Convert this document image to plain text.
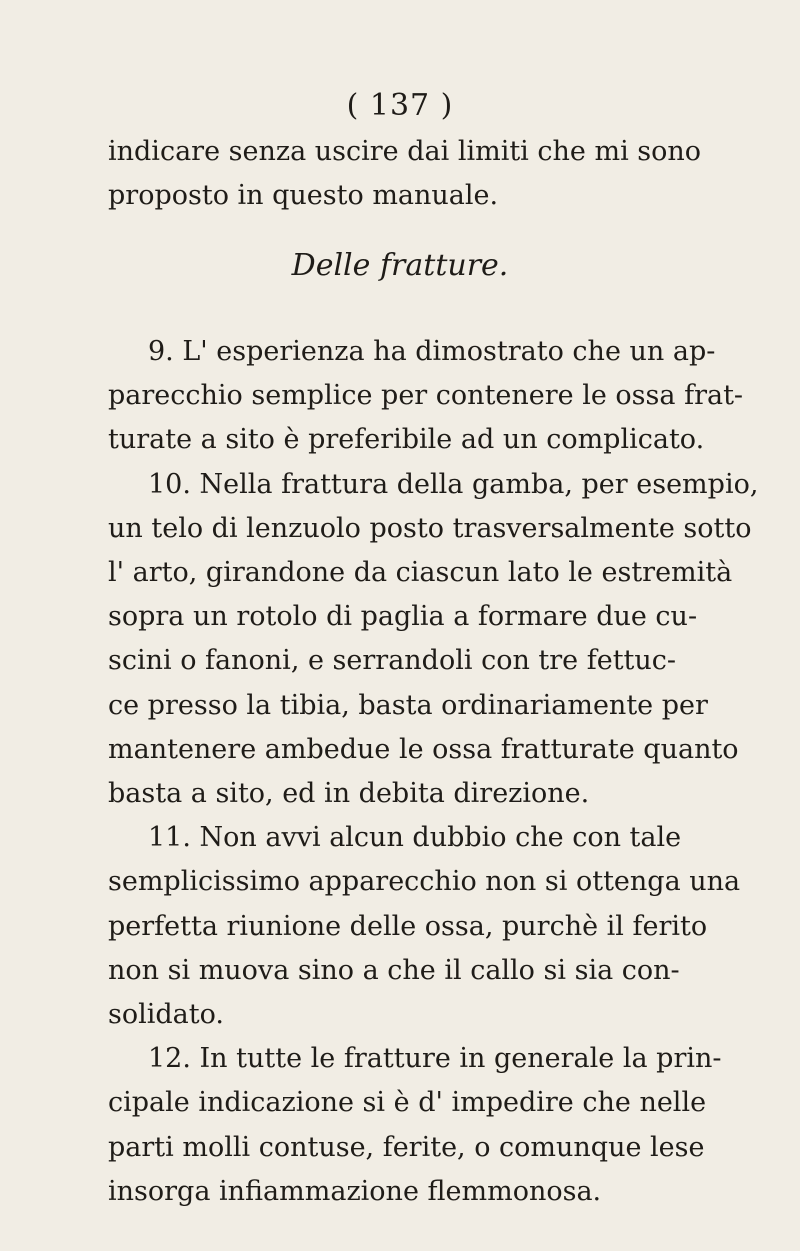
( 137 )
indicare senza uscire dai limiti che mi sono
proposto in questo manuale.
Delle fratture.
9. L' esperienza ha dimostrato che un ap-
parecchio semplice per contenere le ossa frat-
turate a sito è preferibile ad un complicato.
10. Nella frattura della gamba, per esempio,
un telo di lenzuolo posto trasversalmente sotto
l' arto, girandone da ciascun lato le estremità
sopra un rotolo di paglia a formare due cu-
scini o fanoni, e serrandoli con tre fettuc-
ce presso la tibia, basta ordinariamente per
mantenere ambedue le ossa fratturate quanto
basta a sito, ed in debita direzione.
11. Non avvi alcun dubbio che con tale
semplicissimo apparecchio non si ottenga una
perfetta riunione delle ossa, purchè il ferito
non si muova sino a che il callo si sia con-
solidato.
12. In tutte le fratture in generale la prin-
cipale indicazione si è d' impedire che nelle
parti molli contuse, ferite, o comunque lese
insorga infiammazione flemmonosa.
